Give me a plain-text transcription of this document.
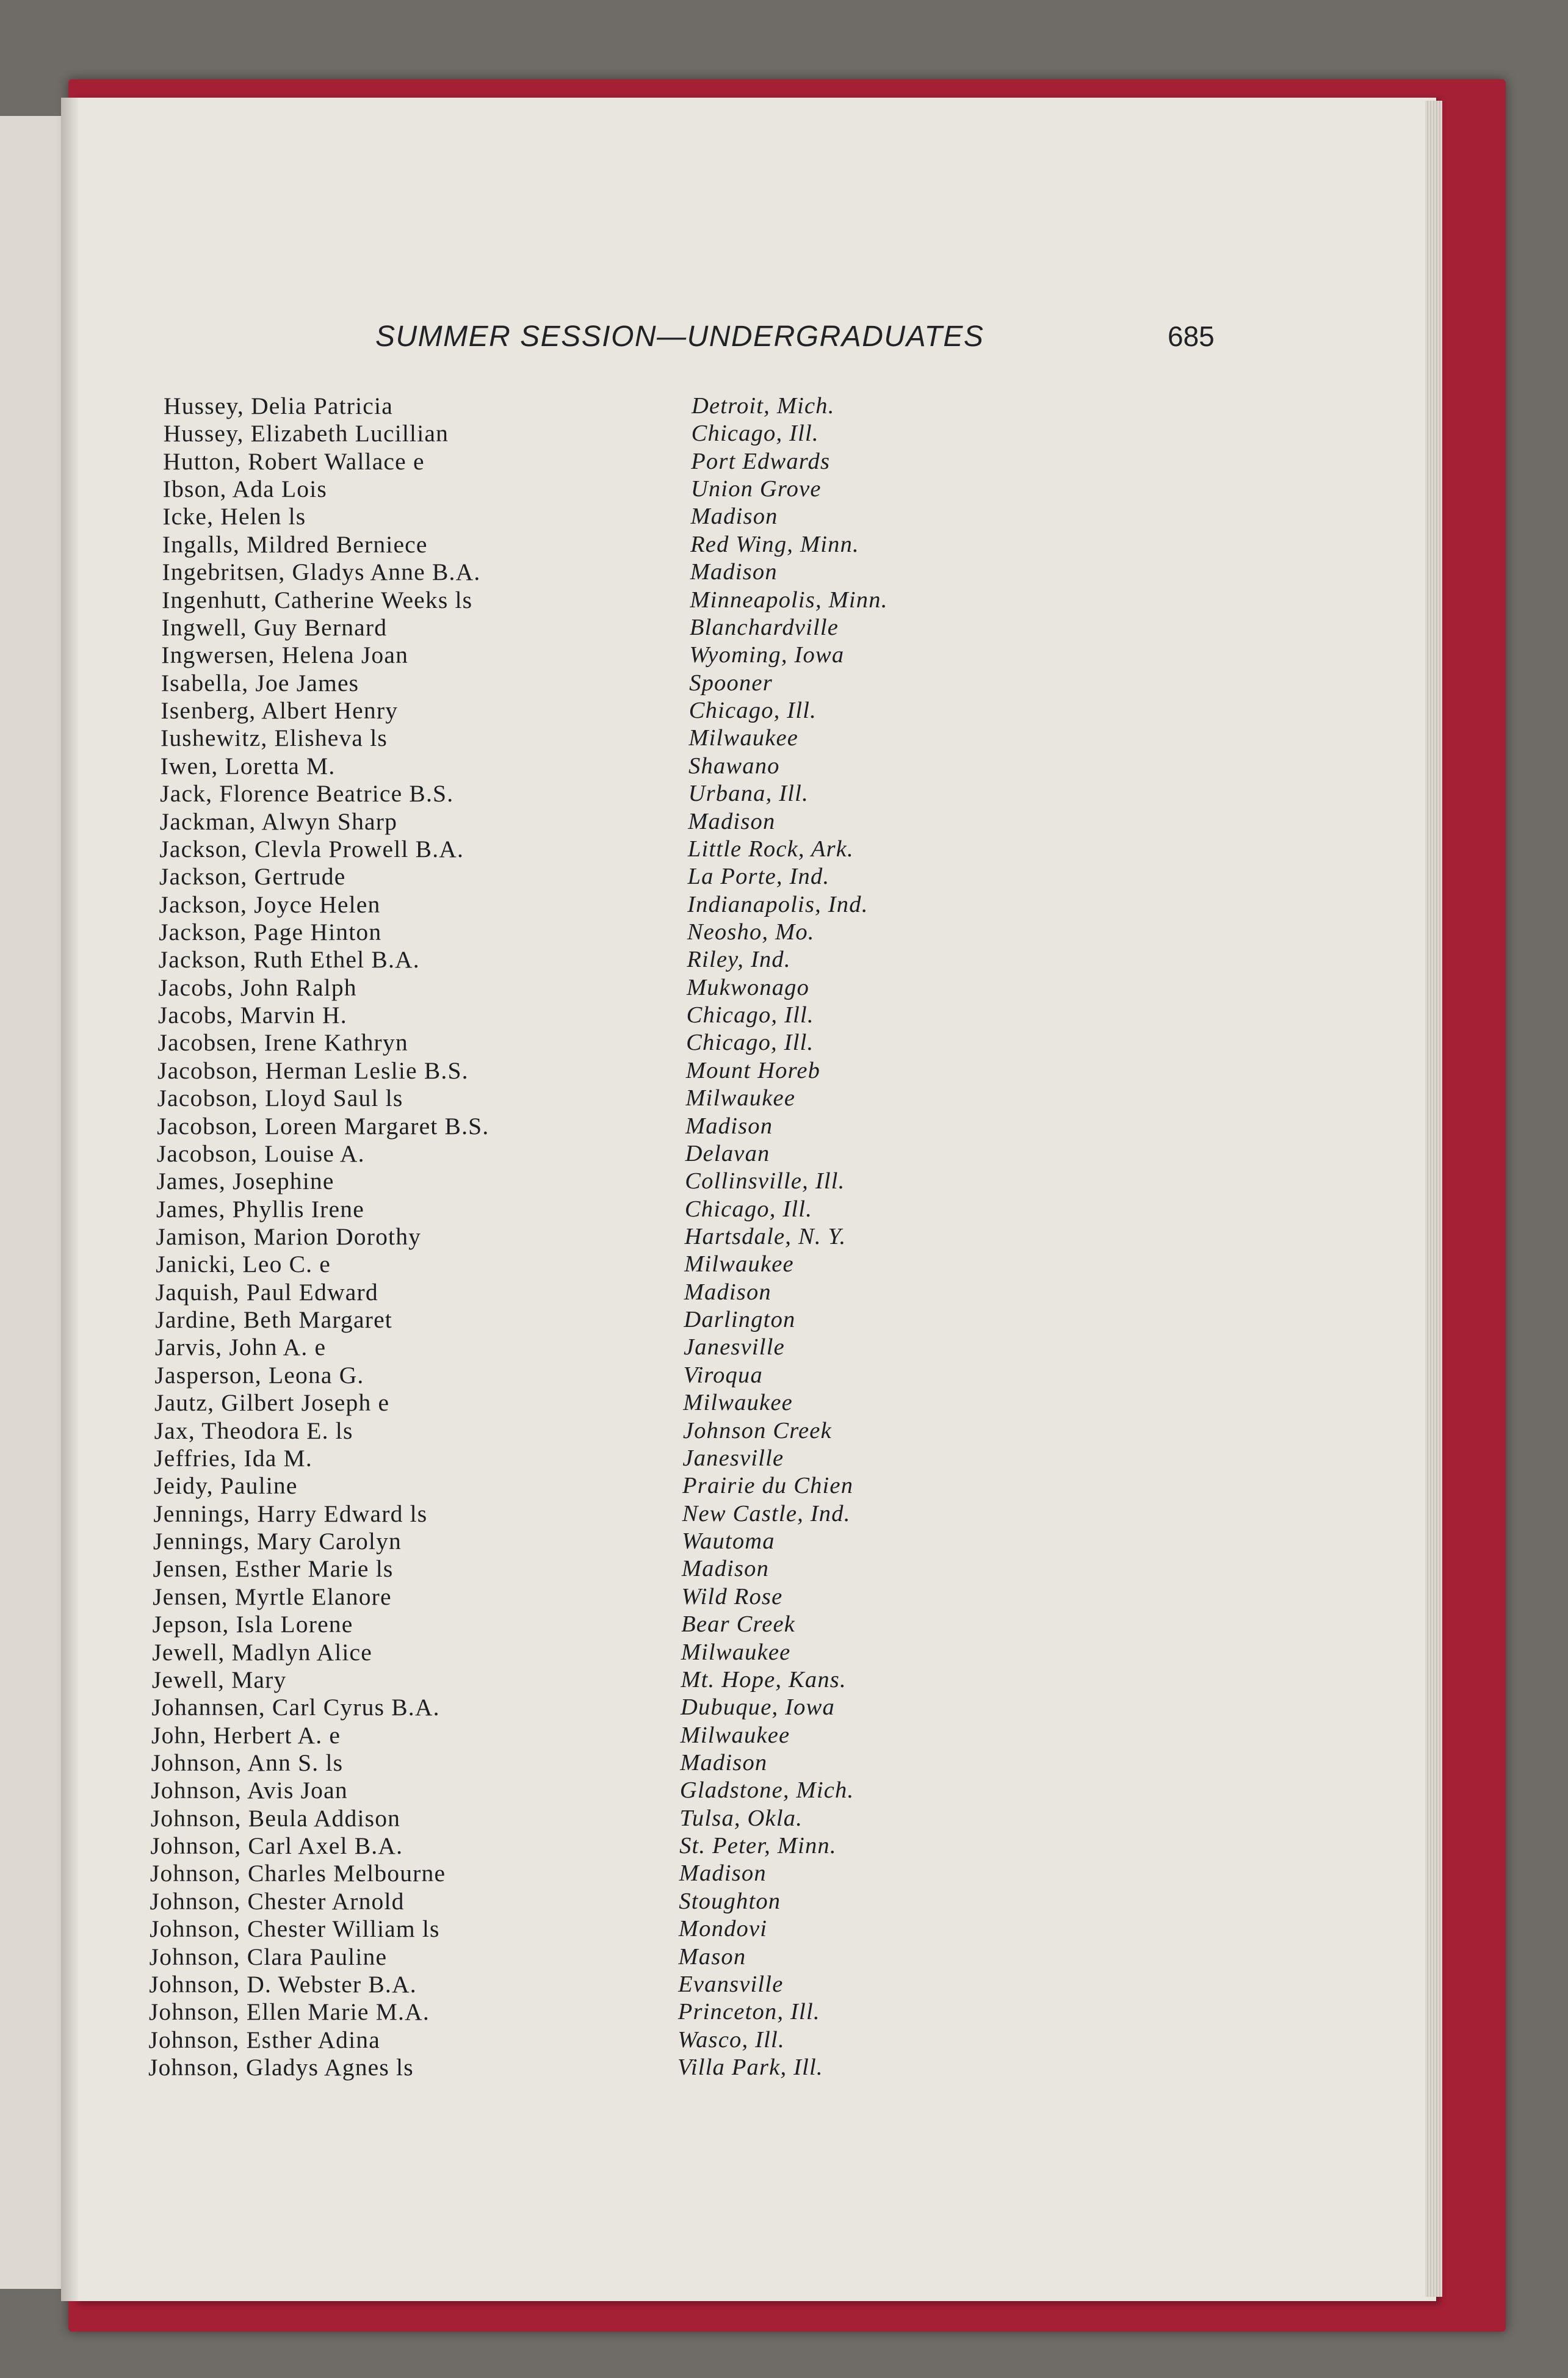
SUMMER SESSION—UNDERGRADUATES	685
Hussey, Delia Patricia	Detroit, Mich.
Hussey, Elizabeth Lucillian	Chicago, Ill.
Hutton, Robert Wallace e	Port Edwards
Ibson, Ada Lois	Union Grove
Icke, Helen ls	Madison
Ingalls, Mildred Berniece	Red Wing, Minn.
Ingebritsen, Gladys Anne B.A.	Madison
Ingenhutt, Catherine Weeks ls	Minneapolis, Minn.
Ingwell, Guy Bernard	Blanchardville
Ingwersen, Helena Joan	Wyoming, Iowa
Isabella, Joe James	Spooner
Isenberg, Albert Henry	Chicago, Ill.
Iushewitz, Elisheva ls	Milwaukee
Iwen, Loretta M.	Shawano
Jack, Florence Beatrice B.S.	Urbana, Ill.
Jackman, Alwyn Sharp	Madison
Jackson, Clevla Prowell B.A.	Little Rock, Ark.
Jackson, Gertrude	La Porte, Ind.
Jackson, Joyce Helen	Indianapolis, Ind.
Jackson, Page Hinton	Neosho, Mo.
Jackson, Ruth Ethel B.A.	Riley, Ind.
Jacobs, John Ralph	Mukwonago
Jacobs, Marvin H.	Chicago, Ill.
Jacobsen, Irene Kathryn	Chicago, Ill.
Jacobson, Herman Leslie B.S.	Mount Horeb
Jacobson, Lloyd Saul ls	Milwaukee
Jacobson, Loreen Margaret B.S.	Madison
Jacobson, Louise A.	Delavan
James, Josephine	Collinsville, Ill.
James, Phyllis Irene	Chicago, Ill.
Jamison, Marion Dorothy	Hartsdale, N. Y.
Janicki, Leo C. e	Milwaukee
Jaquish, Paul Edward	Madison
Jardine, Beth Margaret	Darlington
Jarvis, John A. e	Janesville
Jasperson, Leona G.	Viroqua
Jautz, Gilbert Joseph e	Milwaukee
Jax, Theodora E. ls	Johnson Creek
Jeffries, Ida M.	Janesville
Jeidy, Pauline	Prairie du Chien
Jennings, Harry Edward ls	New Castle, Ind.
Jennings, Mary Carolyn	Wautoma
Jensen, Esther Marie ls	Madison
Jensen, Myrtle Elanore	Wild Rose
Jepson, Isla Lorene	Bear Creek
Jewell, Madlyn Alice	Milwaukee
Jewell, Mary	Mt. Hope, Kans.
Johannsen, Carl Cyrus B.A.	Dubuque, Iowa
John, Herbert A. e	Milwaukee
Johnson, Ann S. ls	Madison
Johnson, Avis Joan	Gladstone, Mich.
Johnson, Beula Addison	Tulsa, Okla.
Johnson, Carl Axel B.A.	St. Peter, Minn.
Johnson, Charles Melbourne	Madison
Johnson, Chester Arnold	Stoughton
Johnson, Chester William ls	Mondovi
Johnson, Clara Pauline	Mason
Johnson, D. Webster B.A.	Evansville
Johnson, Ellen Marie M.A.	Princeton, Ill.
Johnson, Esther Adina	Wasco, Ill.
Johnson, Gladys Agnes ls	Villa Park, Ill.
